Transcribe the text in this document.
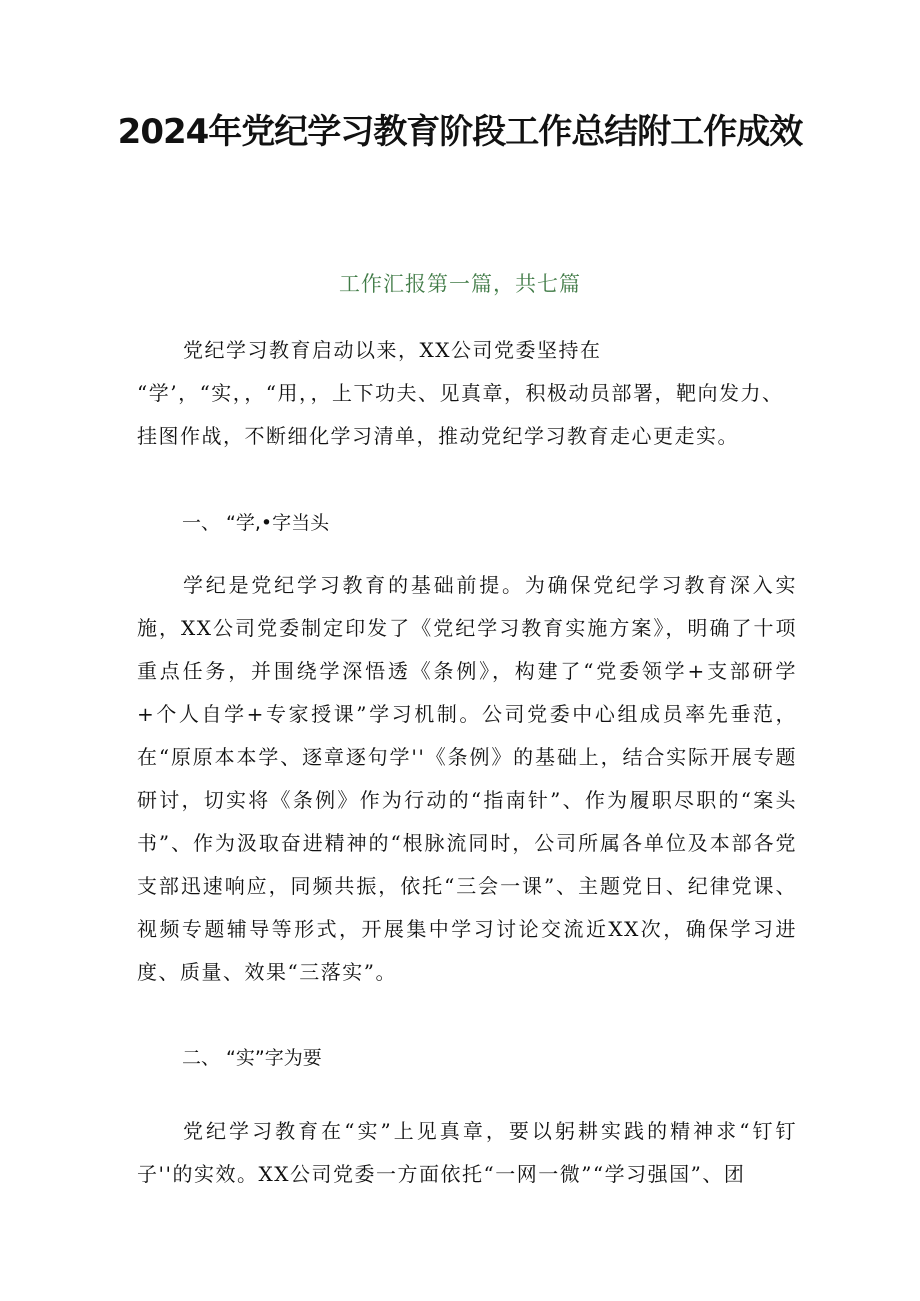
2024年党纪学习教育阶段工作总结附工作成效

工作汇报第一篇，共七篇

党纪学习教育启动以来，XX公司党委坚持在
“学’，“实，，“用，，上下功夫、见真章，积极动员部署，靶向发力、
挂图作战，不断细化学习清单，推动党纪学习教育走心更走实。

一、 “学,•字当头

学纪是党纪学习教育的基础前提。为确保党纪学习教育深入实施，XX公司党委制定印发了《党纪学习教育实施方案》，明确了十项重点任务，并围绕学深悟透《条例》，构建了“党委领学+支部研学+个人自学+专家授课”学习机制。公司党委中心组成员率先垂范，在“原原本本学、逐章逐句学''《条例》的基础上，结合实际开展专题研讨，切实将《条例》作为行动的“指南针”、作为履职尽职的“案头书”、作为汲取奋进精神的“根脉流同时，公司所属各单位及本部各党支部迅速响应，同频共振，依托“三会一课”、主题党日、纪律党课、视频专题辅导等形式，开展集中学习讨论交流近XX次，确保学习进度、质量、效果“三落实”。

二、 “实”字为要

党纪学习教育在“实”上见真章，要以躬耕实践的精神求“钉钉子''的实效。XX公司党委一方面依托“一网一微”“学习强国”、团
